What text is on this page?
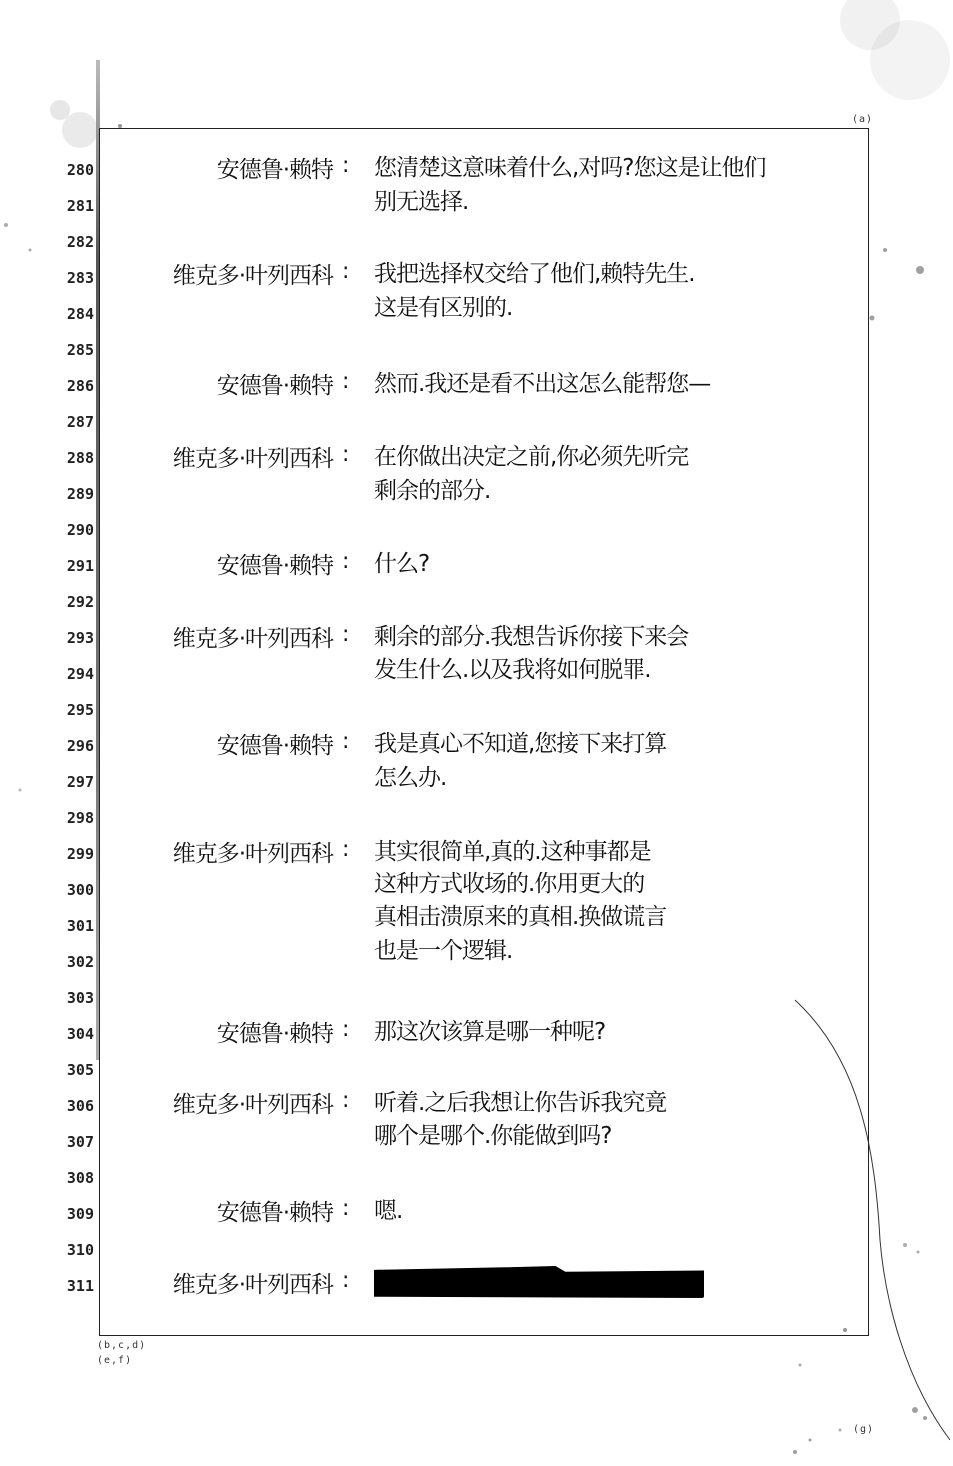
(a)
(b,c,d)
(e,f)
(g)
280
281
282
283
284
285
286
287
288
289
290
291
292
293
294
295
296
297
298
299
300
301
302
303
304
305
306
307
308
309
310
311
安德鲁·赖特 : 您清楚这意味着什么,对吗?您这是让他们
别无选择.
维克多·叶列西科 : 我把选择权交给了他们,赖特先生.
这是有区别的.
安德鲁·赖特 : 然而.我还是看不出这怎么能帮您—
维克多·叶列西科 : 在你做出决定之前,你必须先听完
剩余的部分.
安德鲁·赖特 : 什么?
维克多·叶列西科 : 剩余的部分.我想告诉你接下来会
发生什么.以及我将如何脱罪.
安德鲁·赖特 : 我是真心不知道,您接下来打算
怎么办.
维克多·叶列西科 : 其实很简单,真的.这种事都是
这种方式收场的.你用更大的
真相击溃原来的真相.换做谎言
也是一个逻辑.
安德鲁·赖特 : 那这次该算是哪一种呢?
维克多·叶列西科 : 听着.之后我想让你告诉我究竟
哪个是哪个.你能做到吗?
安德鲁·赖特 : 嗯.
维克多·叶列西科 :
